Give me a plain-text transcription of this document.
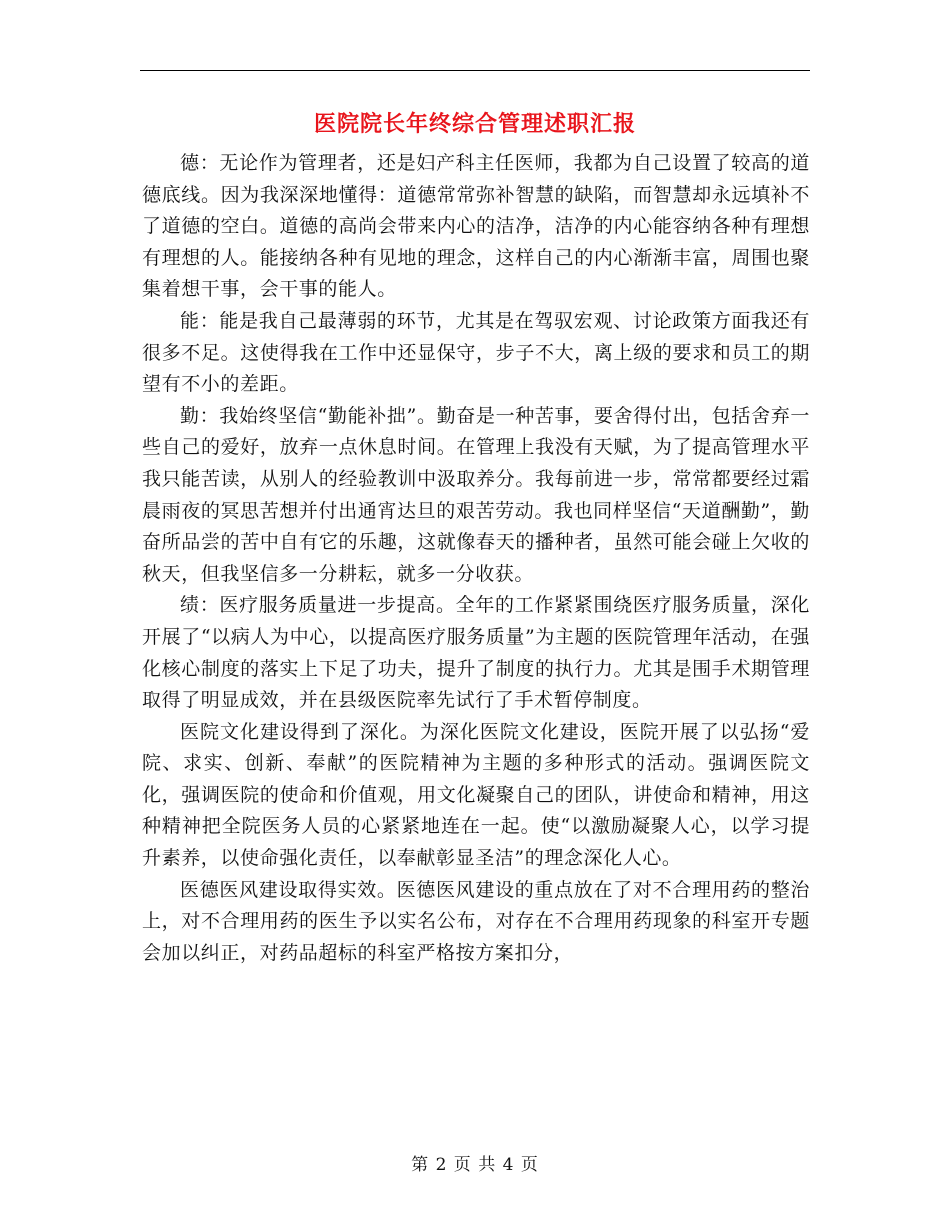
医院院长年终综合管理述职汇报

德：无论作为管理者，还是妇产科主任医师，我都为自己设置了较高的道德底线。因为我深深地懂得：道德常常弥补智慧的缺陷，而智慧却永远填补不了道德的空白。道德的高尚会带来内心的洁净，洁净的内心能容纳各种有理想有理想的人。能接纳各种有见地的理念，这样自己的内心渐渐丰富，周围也聚集着想干事，会干事的能人。

能：能是我自己最薄弱的环节，尤其是在驾驭宏观、讨论政策方面我还有很多不足。这使得我在工作中还显保守，步子不大，离上级的要求和员工的期望有不小的差距。

勤：我始终坚信“勤能补拙”。勤奋是一种苦事，要舍得付出，包括舍弃一些自己的爱好，放弃一点休息时间。在管理上我没有天赋，为了提高管理水平我只能苦读，从别人的经验教训中汲取养分。我每前进一步，常常都要经过霜晨雨夜的冥思苦想并付出通宵达旦的艰苦劳动。我也同样坚信“天道酬勤”，勤奋所品尝的苦中自有它的乐趣，这就像春天的播种者，虽然可能会碰上欠收的秋天，但我坚信多一分耕耘，就多一分收获。

绩：医疗服务质量进一步提高。全年的工作紧紧围绕医疗服务质量，深化开展了“以病人为中心，以提高医疗服务质量”为主题的医院管理年活动，在强化核心制度的落实上下足了功夫，提升了制度的执行力。尤其是围手术期管理取得了明显成效，并在县级医院率先试行了手术暂停制度。

医院文化建设得到了深化。为深化医院文化建设，医院开展了以弘扬“爱院、求实、创新、奉献”的医院精神为主题的多种形式的活动。强调医院文化，强调医院的使命和价值观，用文化凝聚自己的团队，讲使命和精神，用这种精神把全院医务人员的心紧紧地连在一起。使“以激励凝聚人心，以学习提升素养，以使命强化责任，以奉献彰显圣洁”的理念深化人心。

医德医风建设取得实效。医德医风建设的重点放在了对不合理用药的整治上，对不合理用药的医生予以实名公布，对存在不合理用药现象的科室开专题会加以纠正，对药品超标的科室严格按方案扣分，

第 2 页 共 4 页
